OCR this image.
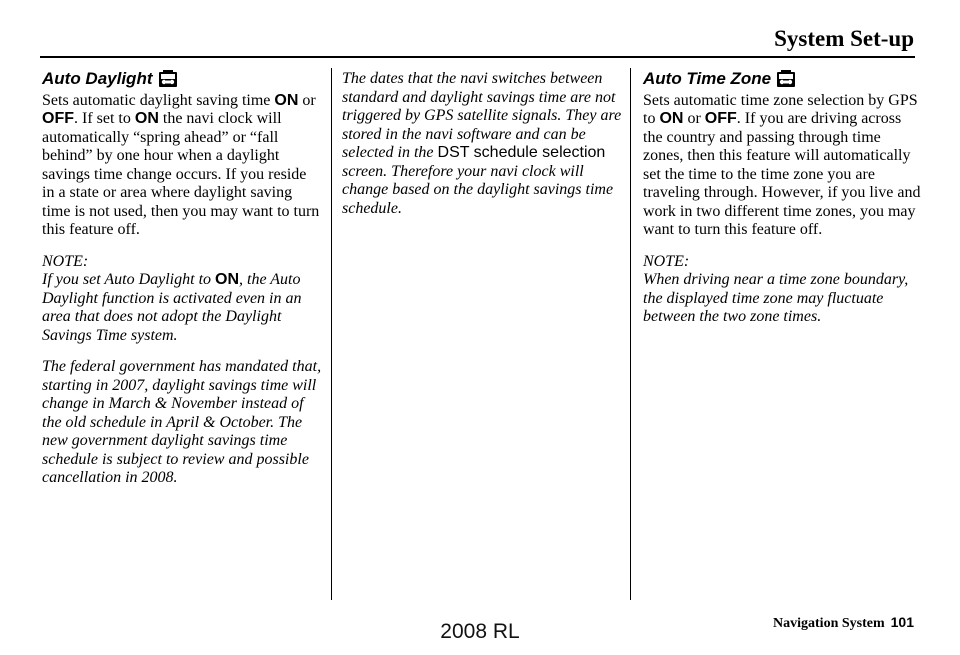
System Set-up
Auto Daylight

Sets automatic daylight saving time ON or OFF. If set to ON the navi clock will automatically “spring ahead” or “fall behind” by one hour when a daylight savings time change occurs. If you reside in a state or area where daylight saving time is not used, then you may want to turn this feature off.

NOTE:

If you set Auto Daylight to ON, the Auto Daylight function is activated even in an area that does not adopt the Daylight Savings Time system.

The federal government has mandated that, starting in 2007, daylight savings time will change in March & November instead of the old schedule in April & October. The new government daylight savings time schedule is subject to review and possible cancellation in 2008.

The dates that the navi switches between standard and daylight savings time are not triggered by GPS satellite signals. They are stored in the navi software and can be selected in the DST schedule selection screen. Therefore your navi clock will change based on the daylight savings time schedule.

Auto Time Zone

Sets automatic time zone selection by GPS to ON or OFF. If you are driving across the country and passing through time zones, then this feature will automatically set the time to the time zone you are traveling through. However, if you live and work in two different time zones, you may want to turn this feature off.

NOTE:

When driving near a time zone boundary, the displayed time zone may fluctuate between the two zone times.

Navigation System 101
2008 RL
